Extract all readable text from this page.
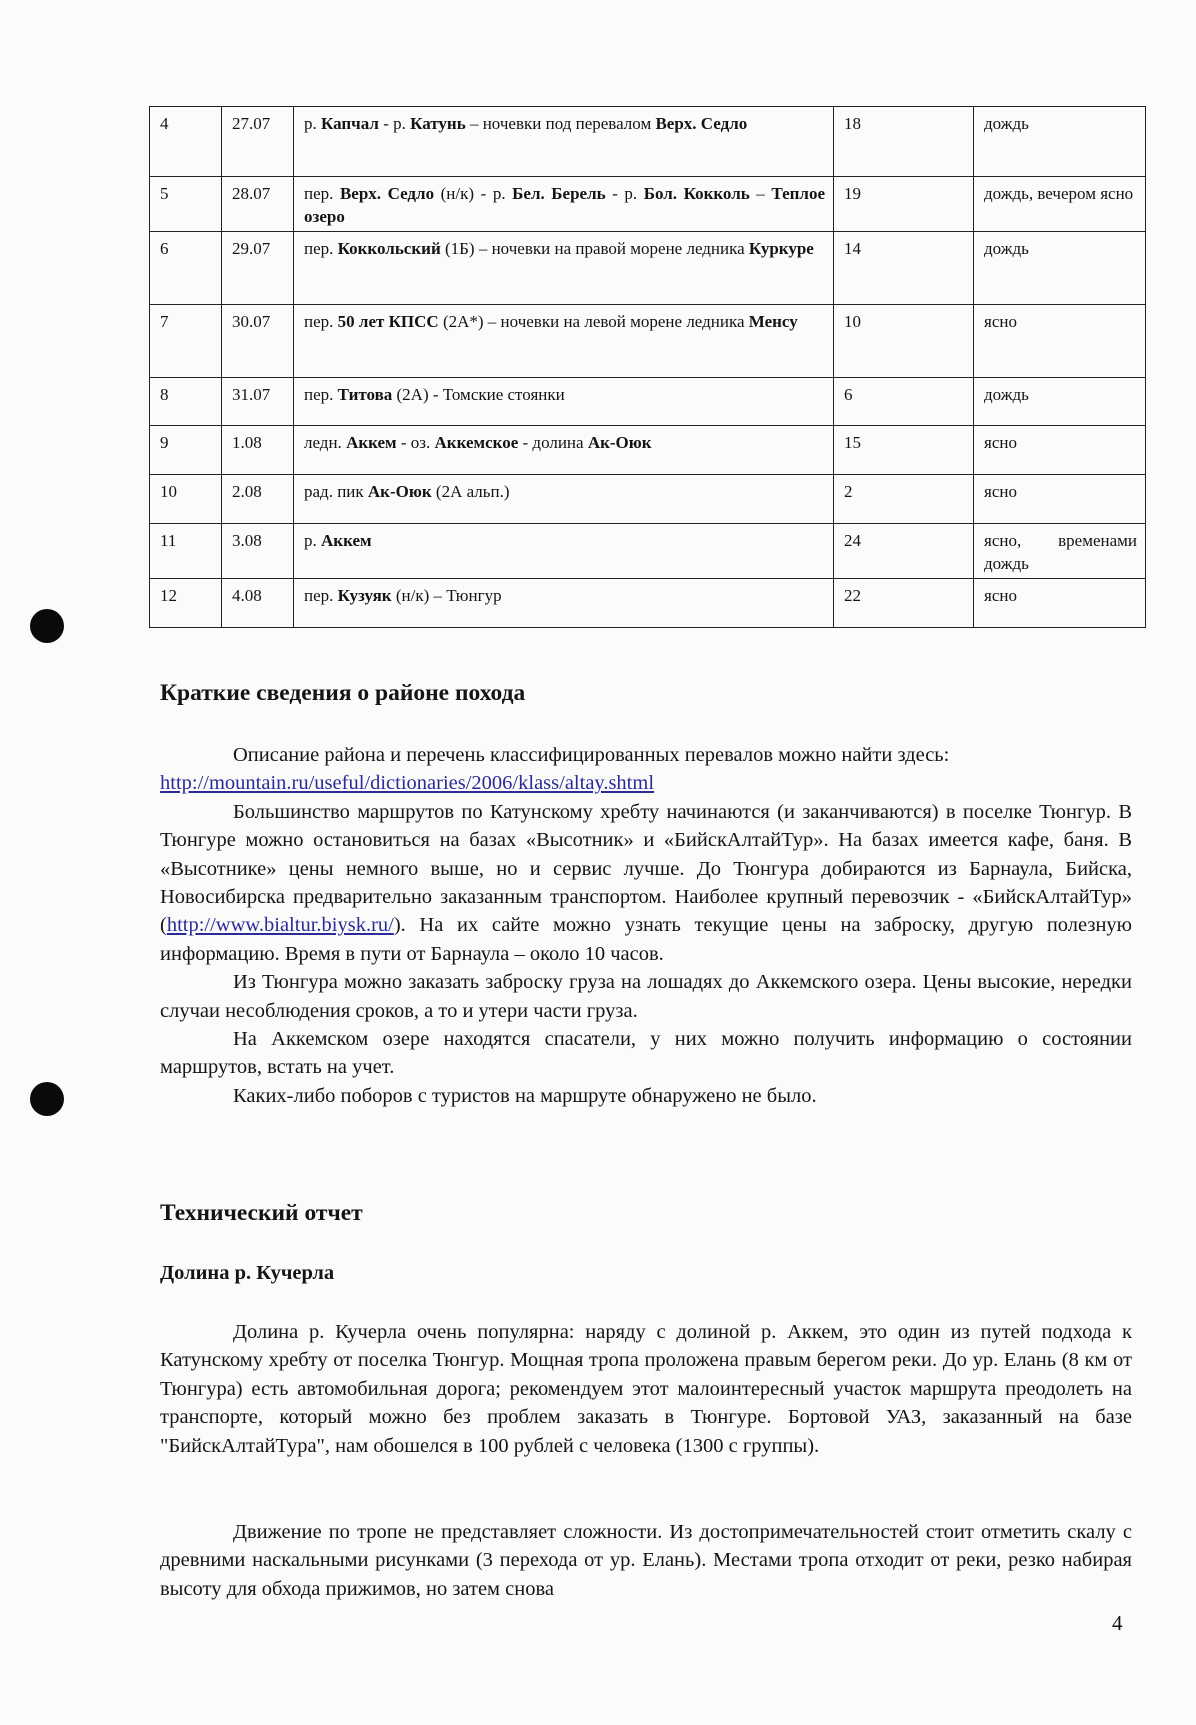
4	27.07	р. Капчал - р. Катунь – ночевки под перевалом Верх. Седло	18	дождь
5	28.07	пер. Верх. Седло (н/к) - р. Бел. Берель - р. Бол. Кокколь – Теплое озеро	19	дождь, вечером ясно
6	29.07	пер. Коккольский (1Б) – ночевки на правой морене ледника Куркуре	14	дождь
7	30.07	пер. 50 лет КПСС (2А*) – ночевки на левой морене ледника Менсу	10	ясно
8	31.07	пер. Титова (2А) - Томские стоянки	6	дождь
9	1.08	ледн. Аккем - оз. Аккемское - долина Ак-Оюк	15	ясно
10	2.08	рад. пик Ак-Оюк (2А альп.)	2	ясно
11	3.08	р. Аккем	24	ясно, временами дождь
12	4.08	пер. Кузуяк (н/к) – Тюнгур	22	ясно
Краткие сведения о районе похода

Описание района и перечень классифицированных перевалов можно найти здесь:

http://mountain.ru/useful/dictionaries/2006/klass/altay.shtml

Большинство маршрутов по Катунскому хребту начинаются (и заканчиваются) в поселке Тюнгур. В Тюнгуре можно остановиться на базах «Высотник» и «БийскАлтайТур». На базах имеется кафе, баня. В «Высотнике» цены немного выше, но и сервис лучше. До Тюнгура добираются из Барнаула, Бийска, Новосибирска предварительно заказанным транспортом. Наиболее крупный перевозчик - «БийскАлтайТур» (http://www.bialtur.biysk.ru/). На их сайте можно узнать текущие цены на заброску, другую полезную информацию. Время в пути от Барнаула – около 10 часов.

Из Тюнгура можно заказать заброску груза на лошадях до Аккемского озера. Цены высокие, нередки случаи несоблюдения сроков, а то и утери части груза.

На Аккемском озере находятся спасатели, у них можно получить информацию о состоянии маршрутов, встать на учет.

Каких-либо поборов с туристов на маршруте обнаружено не было.

Технический отчет
Долина р. Кучерла

Долина р. Кучерла очень популярна: наряду с долиной р. Аккем, это один из путей подхода к Катунскому хребту от поселка Тюнгур. Мощная тропа проложена правым берегом реки. До ур. Елань (8 км от Тюнгура) есть автомобильная дорога; рекомендуем этот малоинтересный участок маршрута преодолеть на транспорте, который можно без проблем заказать в Тюнгуре. Бортовой УАЗ, заказанный на базе "БийскАлтайТура", нам обошелся в 100 рублей с человека (1300 с группы).

Движение по тропе не представляет сложности. Из достопримечательностей стоит отметить скалу с древними наскальными рисунками (3 перехода от ур. Елань). Местами тропа отходит от реки, резко набирая высоту для обхода прижимов, но затем снова

4
